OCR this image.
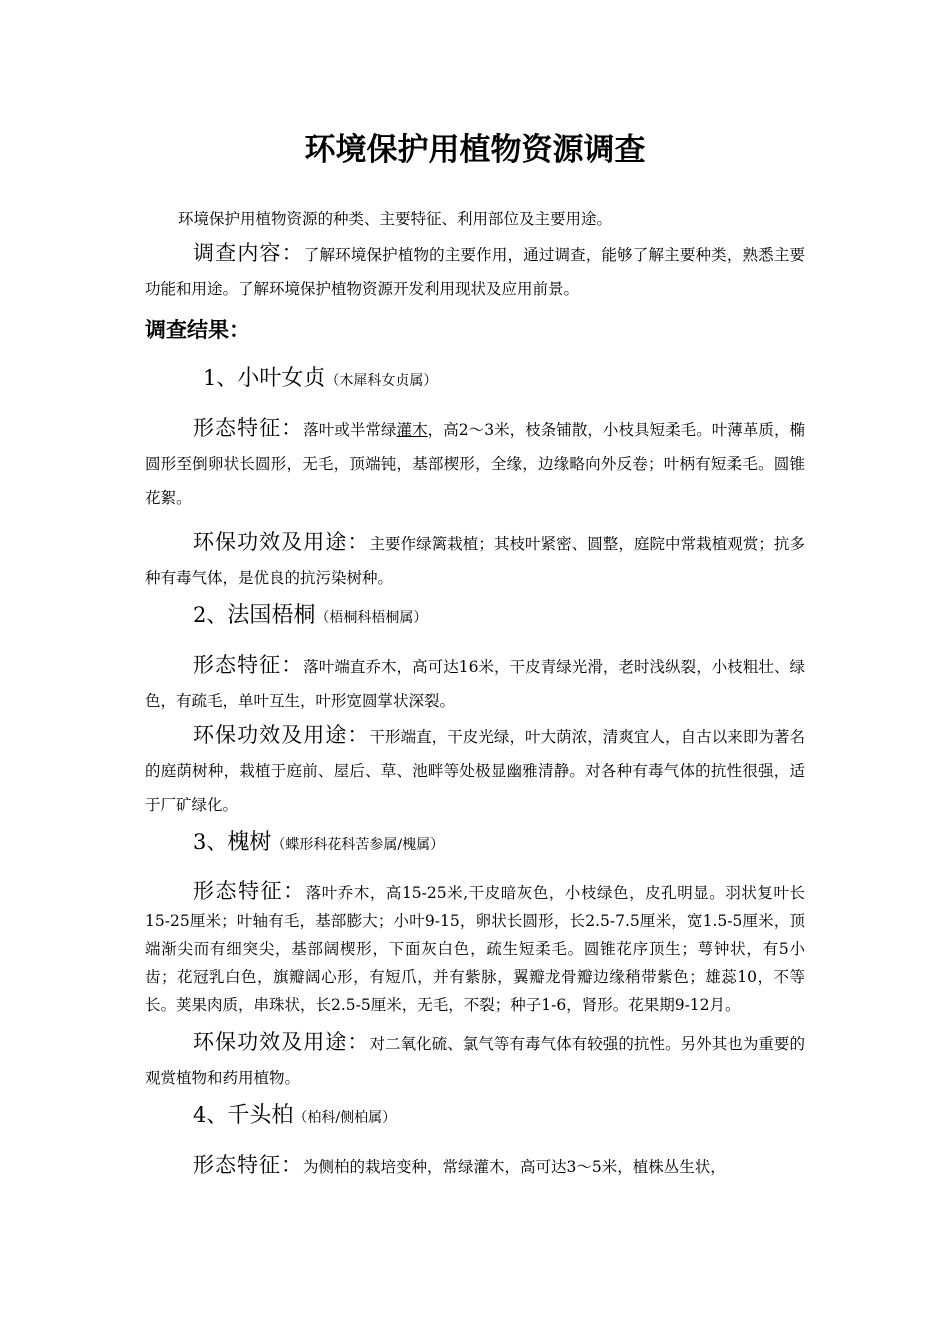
环境保护用植物资源调查

环境保护用植物资源的种类、主要特征、利用部位及主要用途。

调查内容：了解环境保护植物的主要作用，通过调查，能够了解主要种类，熟悉主要功能和用途。了解环境保护植物资源开发利用现状及应用前景。

调查结果：
1、小叶女贞（木犀科女贞属）

形态特征：落叶或半常绿灌木，高2～3米，枝条铺散，小枝具短柔毛。叶薄革质，椭圆形至倒卵状长圆形，无毛，顶端钝，基部楔形，全缘，边缘略向外反卷；叶柄有短柔毛。圆锥花絮。

环保功效及用途：主要作绿篱栽植；其枝叶紧密、圆整，庭院中常栽植观赏；抗多种有毒气体，是优良的抗污染树种。

2、法国梧桐（梧桐科梧桐属）

形态特征：落叶端直乔木，高可达16米，干皮青绿光滑，老时浅纵裂，小枝粗壮、绿色，有疏毛，单叶互生，叶形宽圆掌状深裂。

环保功效及用途：干形端直，干皮光绿，叶大荫浓，清爽宜人，自古以来即为著名的庭荫树种，栽植于庭前、屋后、草、池畔等处极显幽雅清静。对各种有毒气体的抗性很强，适于厂矿绿化。

3、槐树（蝶形科花科苦参属/槐属）

形态特征：落叶乔木，高15-25米,干皮暗灰色，小枝绿色，皮孔明显。羽状复叶长15-25厘米；叶轴有毛，基部膨大；小叶9-15，卵状长圆形，长2.5-7.5厘米，宽1.5-5厘米，顶端渐尖而有细突尖，基部阔楔形，下面灰白色，疏生短柔毛。圆锥花序顶生；萼钟状，有5小齿；花冠乳白色，旗瓣阔心形，有短爪，并有紫脉，翼瓣龙骨瓣边缘稍带紫色；雄蕊10，不等长。荚果肉质，串珠状，长2.5-5厘米，无毛，不裂；种子1-6，肾形。花果期9-12月。

环保功效及用途：对二氧化硫、氯气等有毒气体有较强的抗性。另外其也为重要的观赏植物和药用植物。

4、千头柏（柏科/侧柏属）

形态特征：为侧柏的栽培变种，常绿灌木，高可达3～5米，植株丛生状，
